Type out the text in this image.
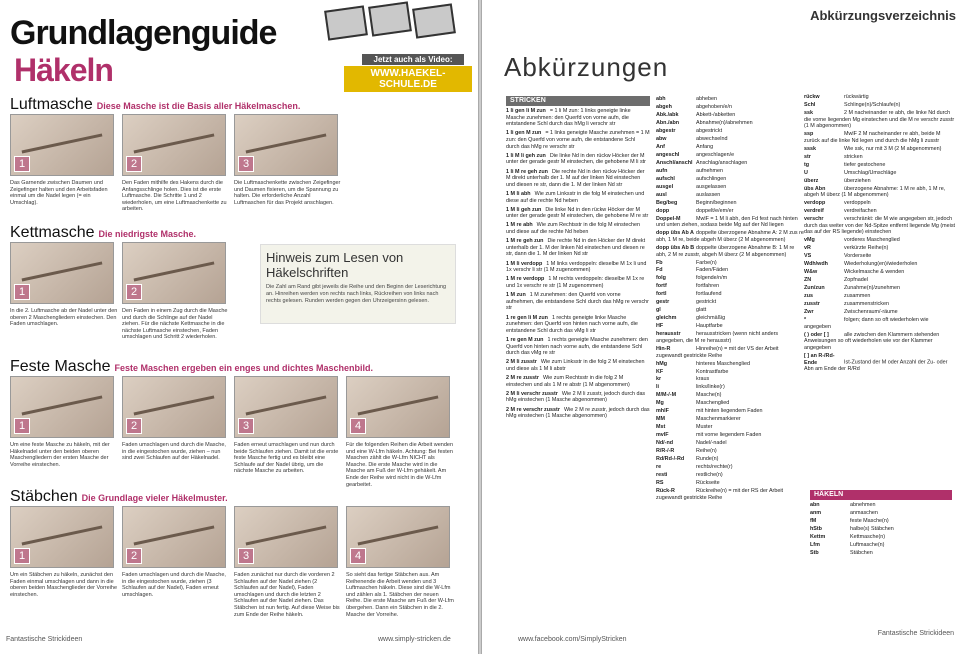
Grundlagenguide
Häkeln	Jetzt auch als Video:
WWW.HAEKEL-SCHULE.DE
Luftmasche Diese Masche ist die Basis aller Häkelmaschen.
1
Das Garnende zwischen Daumen und Zeigefinger halten und den Arbeitsfaden einmal um die Nadel legen (= ein Umschlag).
2
Den Faden mithilfe des Hakens durch die Anfangsschlinge holen. Dies ist die erste Luftmasche. Die Schritte 1 und 2 wiederholen, um eine Luftmaschenkette zu arbeiten.
3
Die Luftmaschenkette zwischen Zeigefinger und Daumen fixieren, um die Spannung zu halten. Die erforderliche Anzahl Luftmaschen für das Projekt anschlagen.
Kettmasche Die niedrigste Masche.
1
In die 2. Luftmasche ab der Nadel unter den oberen 2 Maschengliedern einstechen. Den Faden umschlagen.
2
Den Faden in einem Zug durch die Masche und durch die Schlinge auf der Nadel ziehen. Für die nächste Kettmasche in die nächste Luftmasche einstechen, Faden umschlagen und Schritt 2 wiederholen.
Feste Masche Feste Maschen ergeben ein enges und dichtes Maschenbild.
1
Um eine feste Masche zu häkeln, mit der Häkelnadel unter den beiden oberen Maschengliedern der ersten Masche der Vorreihe einstechen.
2
Faden umschlagen und durch die Masche, in die eingestochen wurde, ziehen – nun sind zwei Schlaufen auf der Häkelnadel.
3
Faden erneut umschlagen und nun durch beide Schlaufen ziehen. Damit ist die erste feste Masche fertig und es bleibt eine Schlaufe auf der Nadel übrig, um die nächste Masche zu arbeiten.
4
Für die folgenden Reihen die Arbeit wenden und eine W-Lfm häkeln. Achtung: Bei festen Maschen zählt die W-Lfm NICHT als Masche. Die erste Masche wird in die Masche am Fuß der W-Lfm gehäkelt. Am Ende der Reihe wird nicht in die W-Lfm gearbeitet.
Stäbchen Die Grundlage vieler Häkelmuster.
1
Um ein Stäbchen zu häkeln, zunächst den Faden einmal umschlagen und dann in die oberen beiden Maschenglieder der Vorreihe einstechen.
2
Faden umschlagen und durch die Masche, in die eingestochen wurde, ziehen (3 Schlaufen auf der Nadel), Faden erneut umschlagen.
3
Faden zunächst nur durch die vorderen 2 Schlaufen auf der Nadel ziehen (2 Schlaufen auf der Nadel), Faden umschlagen und durch die letzten 2 Schlaufen auf der Nadel ziehen. Das Stäbchen ist nun fertig. Auf diese Weise bis zum Ende der Reihe häkeln.
4
So sieht das fertige Stäbchen aus. Am Reihenende die Arbeit wenden und 3 Luftmaschen häkeln. Diese sind die W-Lfm und zählen als 1. Stäbchen der neuen Reihe. Die erste Masche am Fuß der W-Lfm übergehen. Dann ein Stäbchen in die 2. Masche der Vorreihe.
Hinweis zum Lesen von Häkelschriften

Die Zahl am Rand gibt jeweils die Reihe und den Beginn der Leserichtung an. Hinreihen werden von rechts nach links, Rückreihen von links nach rechts gelesen. Runden werden gegen den Uhrzeigersinn gelesen.

Fantastische Strickideen	www.simply-stricken.de
Abkürzungsverzeichnis
Abkürzungen
STRICKEN
1 li gen li M zun = 1 li M zun: 1 links geneigte linke Masche zunehmen: den Querfd von vorne aufn, die entstandene Schl durch das hMg li verschr str
1 li gen M zun = 1 links geneigte Masche zunehmen = 1 M zun: den Querfd von vorne aufn, die entstandene Schl durch das hMg re verschr str
1 li M li geh zun Die linke Nd in den rückw Höcker der M unter der gerade gestr M einstechen, die gehobene M li str
1 li M re geh zun Die rechte Nd in den rückw Höcker der M direkt unterhalb der 1. M auf der linken Nd einstechen und diesen re str, dann die 1. M der linken Nd str
1 M li abh Wie zum Linksstr in die folg M einstechen und diese auf die rechte Nd heben
1 M li geh zun Die linke Nd in den rückw Höcker der M unter der gerade gestr M einstechen, die gehobene M re str
1 M re abh Wie zum Rechtsstr in die folg M einstechen und diese auf die rechte Nd heben
1 M re geh zun Die rechte Nd in den Höcker der M direkt unterhalb der 1. M der linken Nd einstechen und diesen re str, dann die 1. M der linken Nd str
1 M li verdopp 1 M links verdoppeln: dieselbe M 1x li und 1x verschr li str (1 M zugenommen)
1 M re verdopp 1 M rechts verdoppeln: dieselbe M 1x re und 1x verschr re str (1 M zugenommen)
1 M zun 1 M zunehmen: den Querfd von vorne aufnehmen, die entstandene Schl durch das hMg re verschr str
1 re gen li M zun 1 rechts geneigte linke Masche zunehmen: den Querfd von hinten nach vorne aufn, die entstandene Schl durch das vMg li str
1 re gen M zun 1 rechts geneigte Masche zunehmen: den Querfd von hinten nach vorne aufn, die entstandene Schl durch das vMg re str
2 M li zusstr Wie zum Linksstr in die folg 2 M einstechen und diese als 1 M li abstr
2 M re zusstr Wie zum Rechtsstr in die folg 2 M einstechen und als 1 M re abstr (1 M abgenommen)
2 M li verschr zusstr Wie 2 M li zusstr, jedoch durch das hMg einstechen (1 Masche abgenommen)
2 M re verschr zusstr Wie 2 M re zusstr, jedoch durch das hMg einstechen (1 Masche abgenommen)
abh	abheben
abgeh	abgehoben/e/n
Abk./abk	Abkett-/abketten
Abn./abn	Abnahme(n)/abnehmen
abgestr	abgestrickt
abw	abwechselnd
Anf	Anfang
angeschl	angeschlagen/e
Anschl/anschl Anschlag/anschlagen
aufn	aufnehmen
aufschl	aufschlingen
ausgel	ausgelassen
ausl	auslassen
Beg/beg	Beginn/beginnen
dopp	doppelt/e/em/er
Doppel-M	MwlF = 1 M li abh, den Fd fest nach hinten und unten ziehen, sodass beide Mg auf der Nd liegen
dopp übs Ab A doppelte überzogene Abnahme A: 2 M zus re abh, 1 M re, beide abgeh M überz (2 M abgenommen)
dopp übs Ab B doppelte überzogene Abnahme B: 1 M re abh, 2 M re zusstr, abgeh M überz (2 M abgenommen)
Fb	Farbe(n)
Fd	Faden/Fäden
folg	folgende/n/m
fortf	fortfahren
fortl	fortlaufend
gestr	gestrickt
gl	glatt
gleichm	gleichmäßig
HF	Hauptfarbe
herausstr	herausstricken (wenn nicht anders angegeben, die M re herausstr)
Hin-R	Hinreihe(n) = mit der VS der Arbeit zugewandt gestrickte Reihe
hMg	hinteres Maschenglied
KF	Kontrastfarbe
kr	kraus
li	links/linke(r)
M/M-/-M	Masche(n)
Mg	Maschenglied
mhlF	mit hinten liegendem Faden
MM	Maschenmarkierer
Mst	Muster
mvlF	mit vorne liegendem Faden
Nd/-nd	Nadel/-nadel
R/R-/-R	Reihe(n)
Rd/Rd-/-Rd Runde(n)
re	rechts/rechte(r)
resti	restliche(n)
RS	Rückseite
Rück-R	Rückreihe(n) = mit der RS der Arbeit zugewandt gestrickte Reihe
rückw	rückwärtig
Schl	Schlinge(n)/Schlaufe(n)
ssk	2 M nacheinander re abh, die linke Nd durch die vorne liegenden Mg einstechen und die M re verschr zusstr (1 M abgenommen)
ssp	MwlF 2 M nacheinander re abh, beide M zurück auf die linke Nd legen und durch die hMg li zusstr
sssk	Wie ssk, nur mit 3 M (2 M abgenommen)
str	stricken
tg	tiefer gestochene
U	Umschlag/Umschläge
überz	überziehen
übs Abn	überzogene Abnahme: 1 M re abh, 1 M re, abgeh M überz (1 M abgenommen)
verdopp	verdoppeln
verdreif	verdreifachen
verschr	verschränkt: die M wie angegeben str, jedoch durch das weiter von der Nd-Spitze entfernt liegende Mg (meist das auf der RS liegende) einstechen
vMg	vorderes Maschenglied
vR	verkürzte Reihe(n)
VS	Vorderseite
Wdh/wdh	Wiederholung(en)/wiederholen
W&w	Wickelmasche & wenden
ZN	Zopfnadel
Zun/zun	Zunahme(n)/zunehmen
zus	zusammen
zusstr	zusammenstricken
Zwr	Zwischenraum/-räume
*	folgen; dann so oft wiederholen wie angegeben
( ) oder [ ]	alle zwischen den Klammern stehenden Anweisungen so oft wiederholen wie vor der Klammer angegeben
[ ] an R-/Rd-Ende	Ist-Zustand der M oder Anzahl der Zu- oder Abn am Ende der R/Rd
HÄKELN
abn	abnehmen
anm	anmaschen
fM	feste Masche(n)
hStb	halbe(s) Stäbchen
Kettm	Kettmasche(n)
Lfm	Luftmasche(n)
Stb	Stäbchen
www.facebook.com/SimplyStricken
Fantastische Strickideen
